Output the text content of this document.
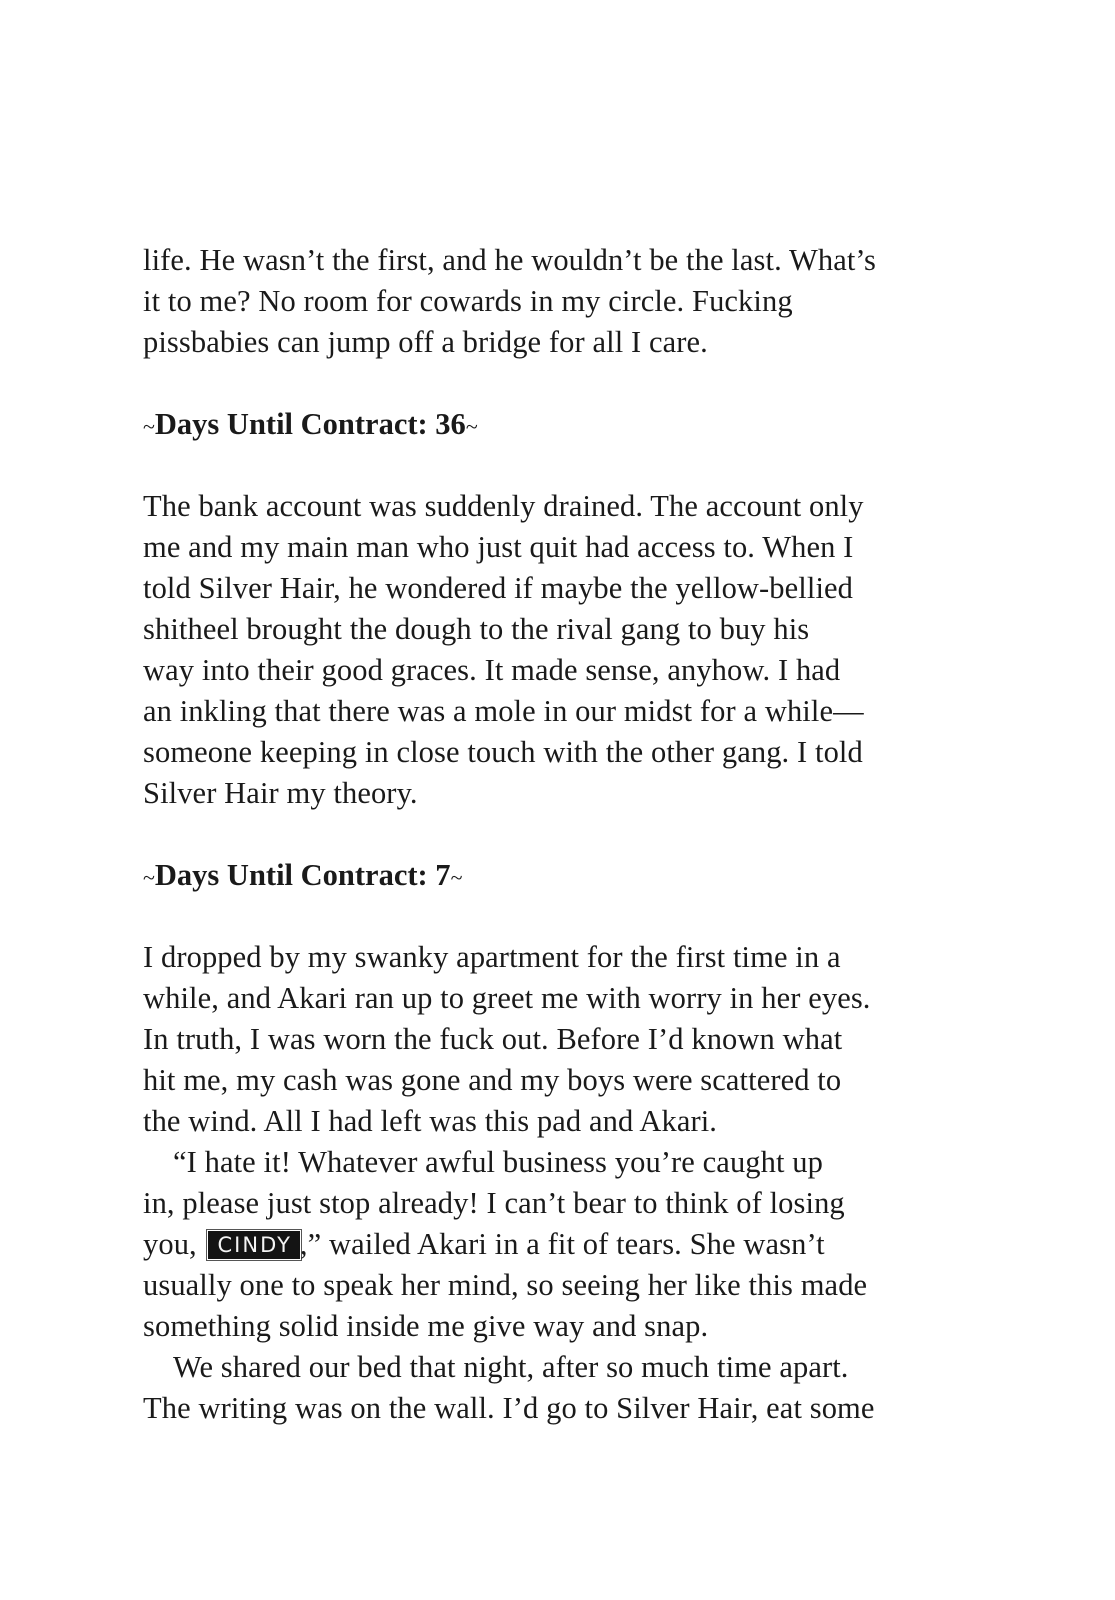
life. He wasn’t the first, and he wouldn’t be the last. What’s
it to me? No room for cowards in my circle. Fucking
pissbabies can jump off a bridge for all I care.
~Days Until Contract: 36~
The bank account was suddenly drained. The account only
me and my main man who just quit had access to. When I
told Silver Hair, he wondered if maybe the yellow-bellied
shitheel brought the dough to the rival gang to buy his
way into their good graces. It made sense, anyhow. I had
an inkling that there was a mole in our midst for a while—
someone keeping in close touch with the other gang. I told
Silver Hair my theory.
~Days Until Contract: 7~
I dropped by my swanky apartment for the first time in a
while, and Akari ran up to greet me with worry in her eyes.
In truth, I was worn the fuck out. Before I’d known what
hit me, my cash was gone and my boys were scattered to
the wind. All I had left was this pad and Akari.
“I hate it! Whatever awful business you’re caught up
in, please just stop already! I can’t bear to think of losing
you, CINDY ,” wailed Akari in a fit of tears. She wasn’t
usually one to speak her mind, so seeing her like this made
something solid inside me give way and snap.
We shared our bed that night, after so much time apart.
The writing was on the wall. I’d go to Silver Hair, eat some
